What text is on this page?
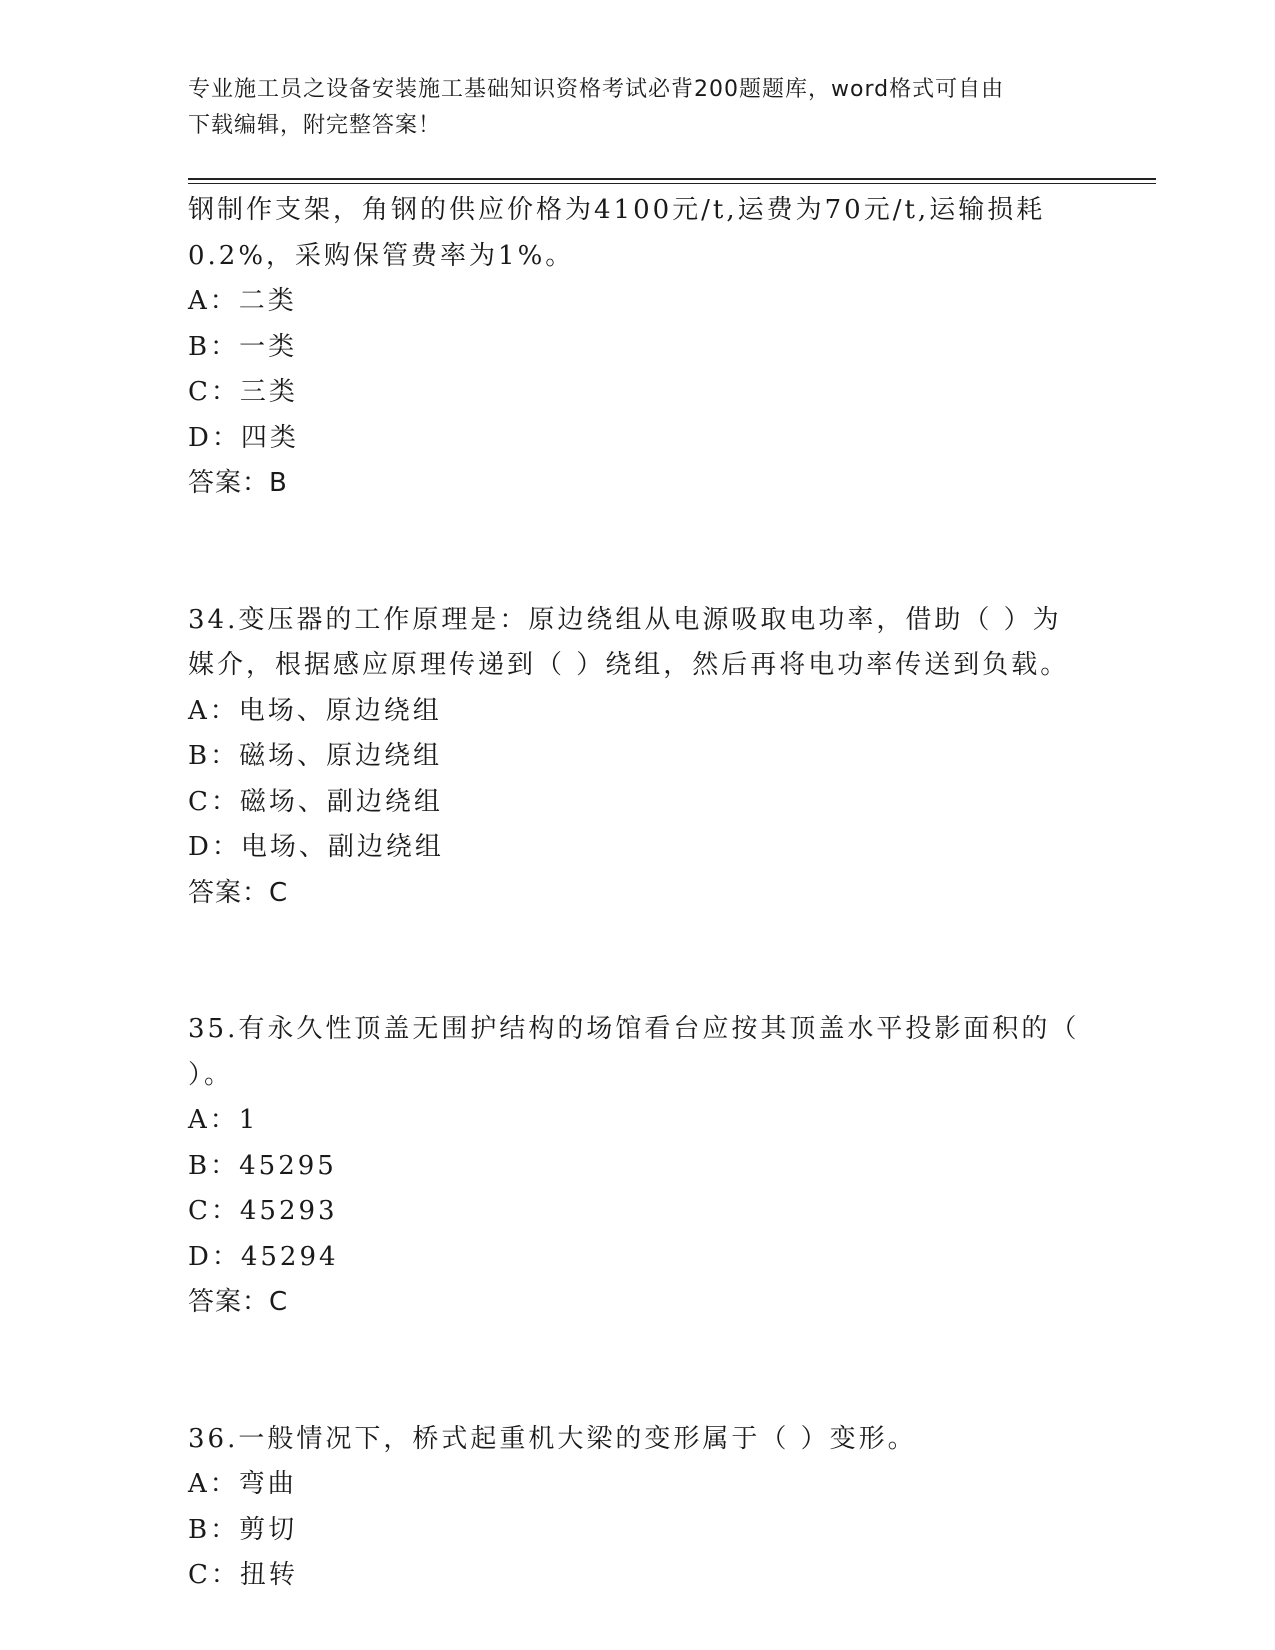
专业施工员之设备安装施工基础知识资格考试必背200题题库，word格式可自由
下载编辑，附完整答案！
钢制作支架，角钢的供应价格为4100元/t,运费为70元/t,运输损耗
0.2%，采购保管费率为1%。
A：二类
B：一类
C：三类
D：四类
答案：B
34.变压器的工作原理是：原边绕组从电源吸取电功率，借助（ ）为
媒介，根据感应原理传递到（ ）绕组，然后再将电功率传送到负载。
A：电场、原边绕组
B：磁场、原边绕组
C：磁场、副边绕组
D：电场、副边绕组
答案：C
35.有永久性顶盖无围护结构的场馆看台应按其顶盖水平投影面积的（
）。
A：1
B：45295
C：45293
D：45294
答案：C
36.一般情况下，桥式起重机大梁的变形属于（ ）变形。
A：弯曲
B：剪切
C：扭转
